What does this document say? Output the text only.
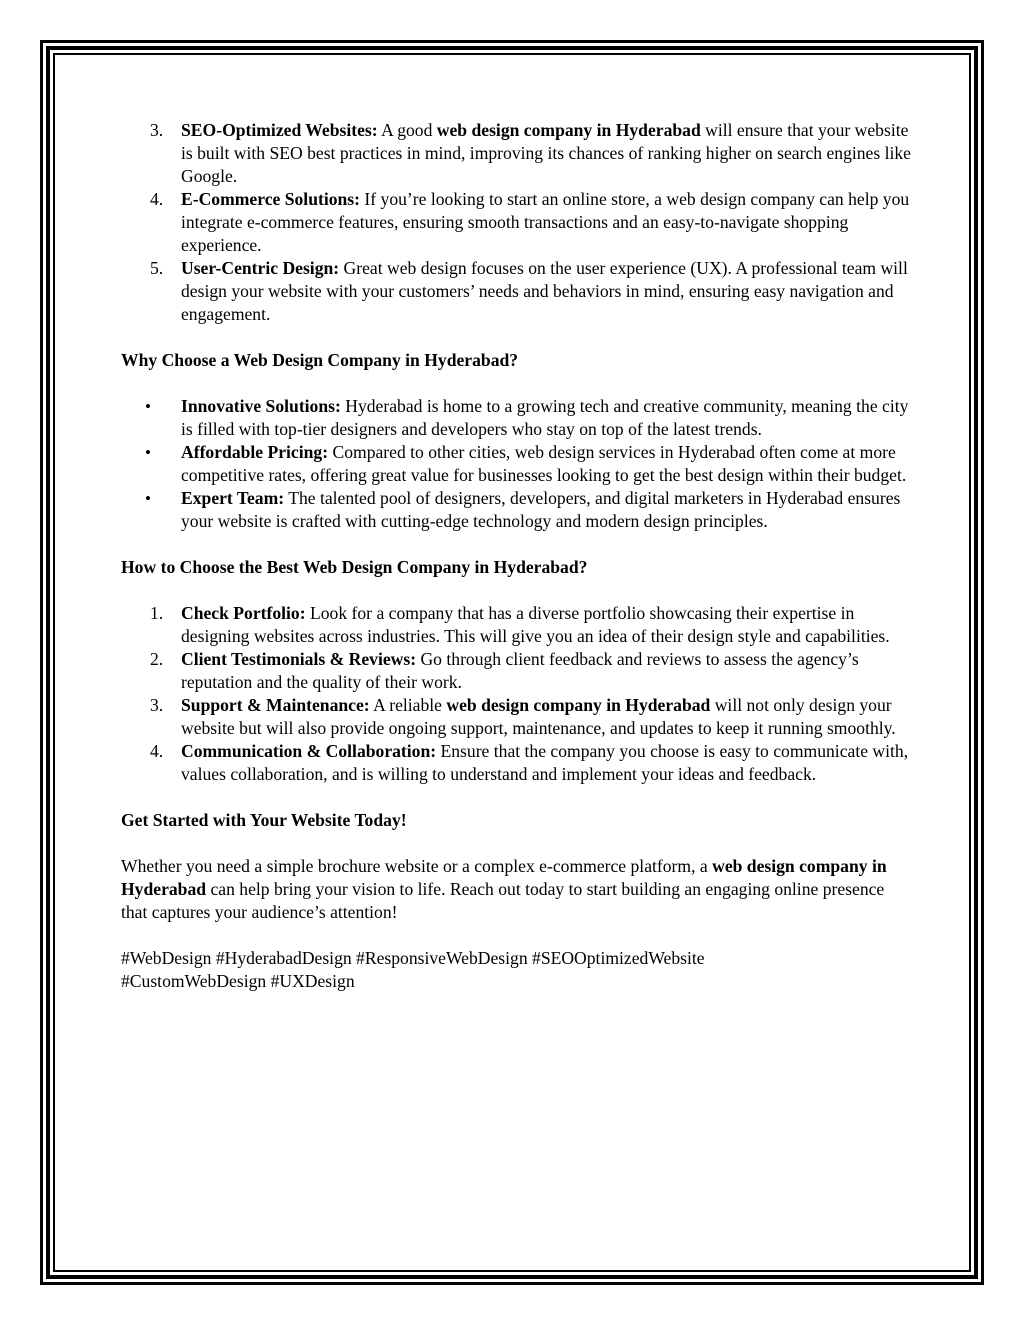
3. SEO-Optimized Websites: A good web design company in Hyderabad will ensure that your website is built with SEO best practices in mind, improving its chances of ranking higher on search engines like Google.
4. E-Commerce Solutions: If you’re looking to start an online store, a web design company can help you integrate e-commerce features, ensuring smooth transactions and an easy-to-navigate shopping experience.
5. User-Centric Design: Great web design focuses on the user experience (UX). A professional team will design your website with your customers’ needs and behaviors in mind, ensuring easy navigation and engagement.
Why Choose a Web Design Company in Hyderabad?
• Innovative Solutions: Hyderabad is home to a growing tech and creative community, meaning the city is filled with top-tier designers and developers who stay on top of the latest trends.
• Affordable Pricing: Compared to other cities, web design services in Hyderabad often come at more competitive rates, offering great value for businesses looking to get the best design within their budget.
• Expert Team: The talented pool of designers, developers, and digital marketers in Hyderabad ensures your website is crafted with cutting-edge technology and modern design principles.
How to Choose the Best Web Design Company in Hyderabad?
1. Check Portfolio: Look for a company that has a diverse portfolio showcasing their expertise in designing websites across industries. This will give you an idea of their design style and capabilities.
2. Client Testimonials & Reviews: Go through client feedback and reviews to assess the agency’s reputation and the quality of their work.
3. Support & Maintenance: A reliable web design company in Hyderabad will not only design your website but will also provide ongoing support, maintenance, and updates to keep it running smoothly.
4. Communication & Collaboration: Ensure that the company you choose is easy to communicate with, values collaboration, and is willing to understand and implement your ideas and feedback.
Get Started with Your Website Today!

Whether you need a simple brochure website or a complex e-commerce platform, a web design company in Hyderabad can help bring your vision to life. Reach out today to start building an engaging online presence that captures your audience’s attention!

#WebDesign #HyderabadDesign #ResponsiveWebDesign #SEOOptimizedWebsite
#CustomWebDesign #UXDesign
